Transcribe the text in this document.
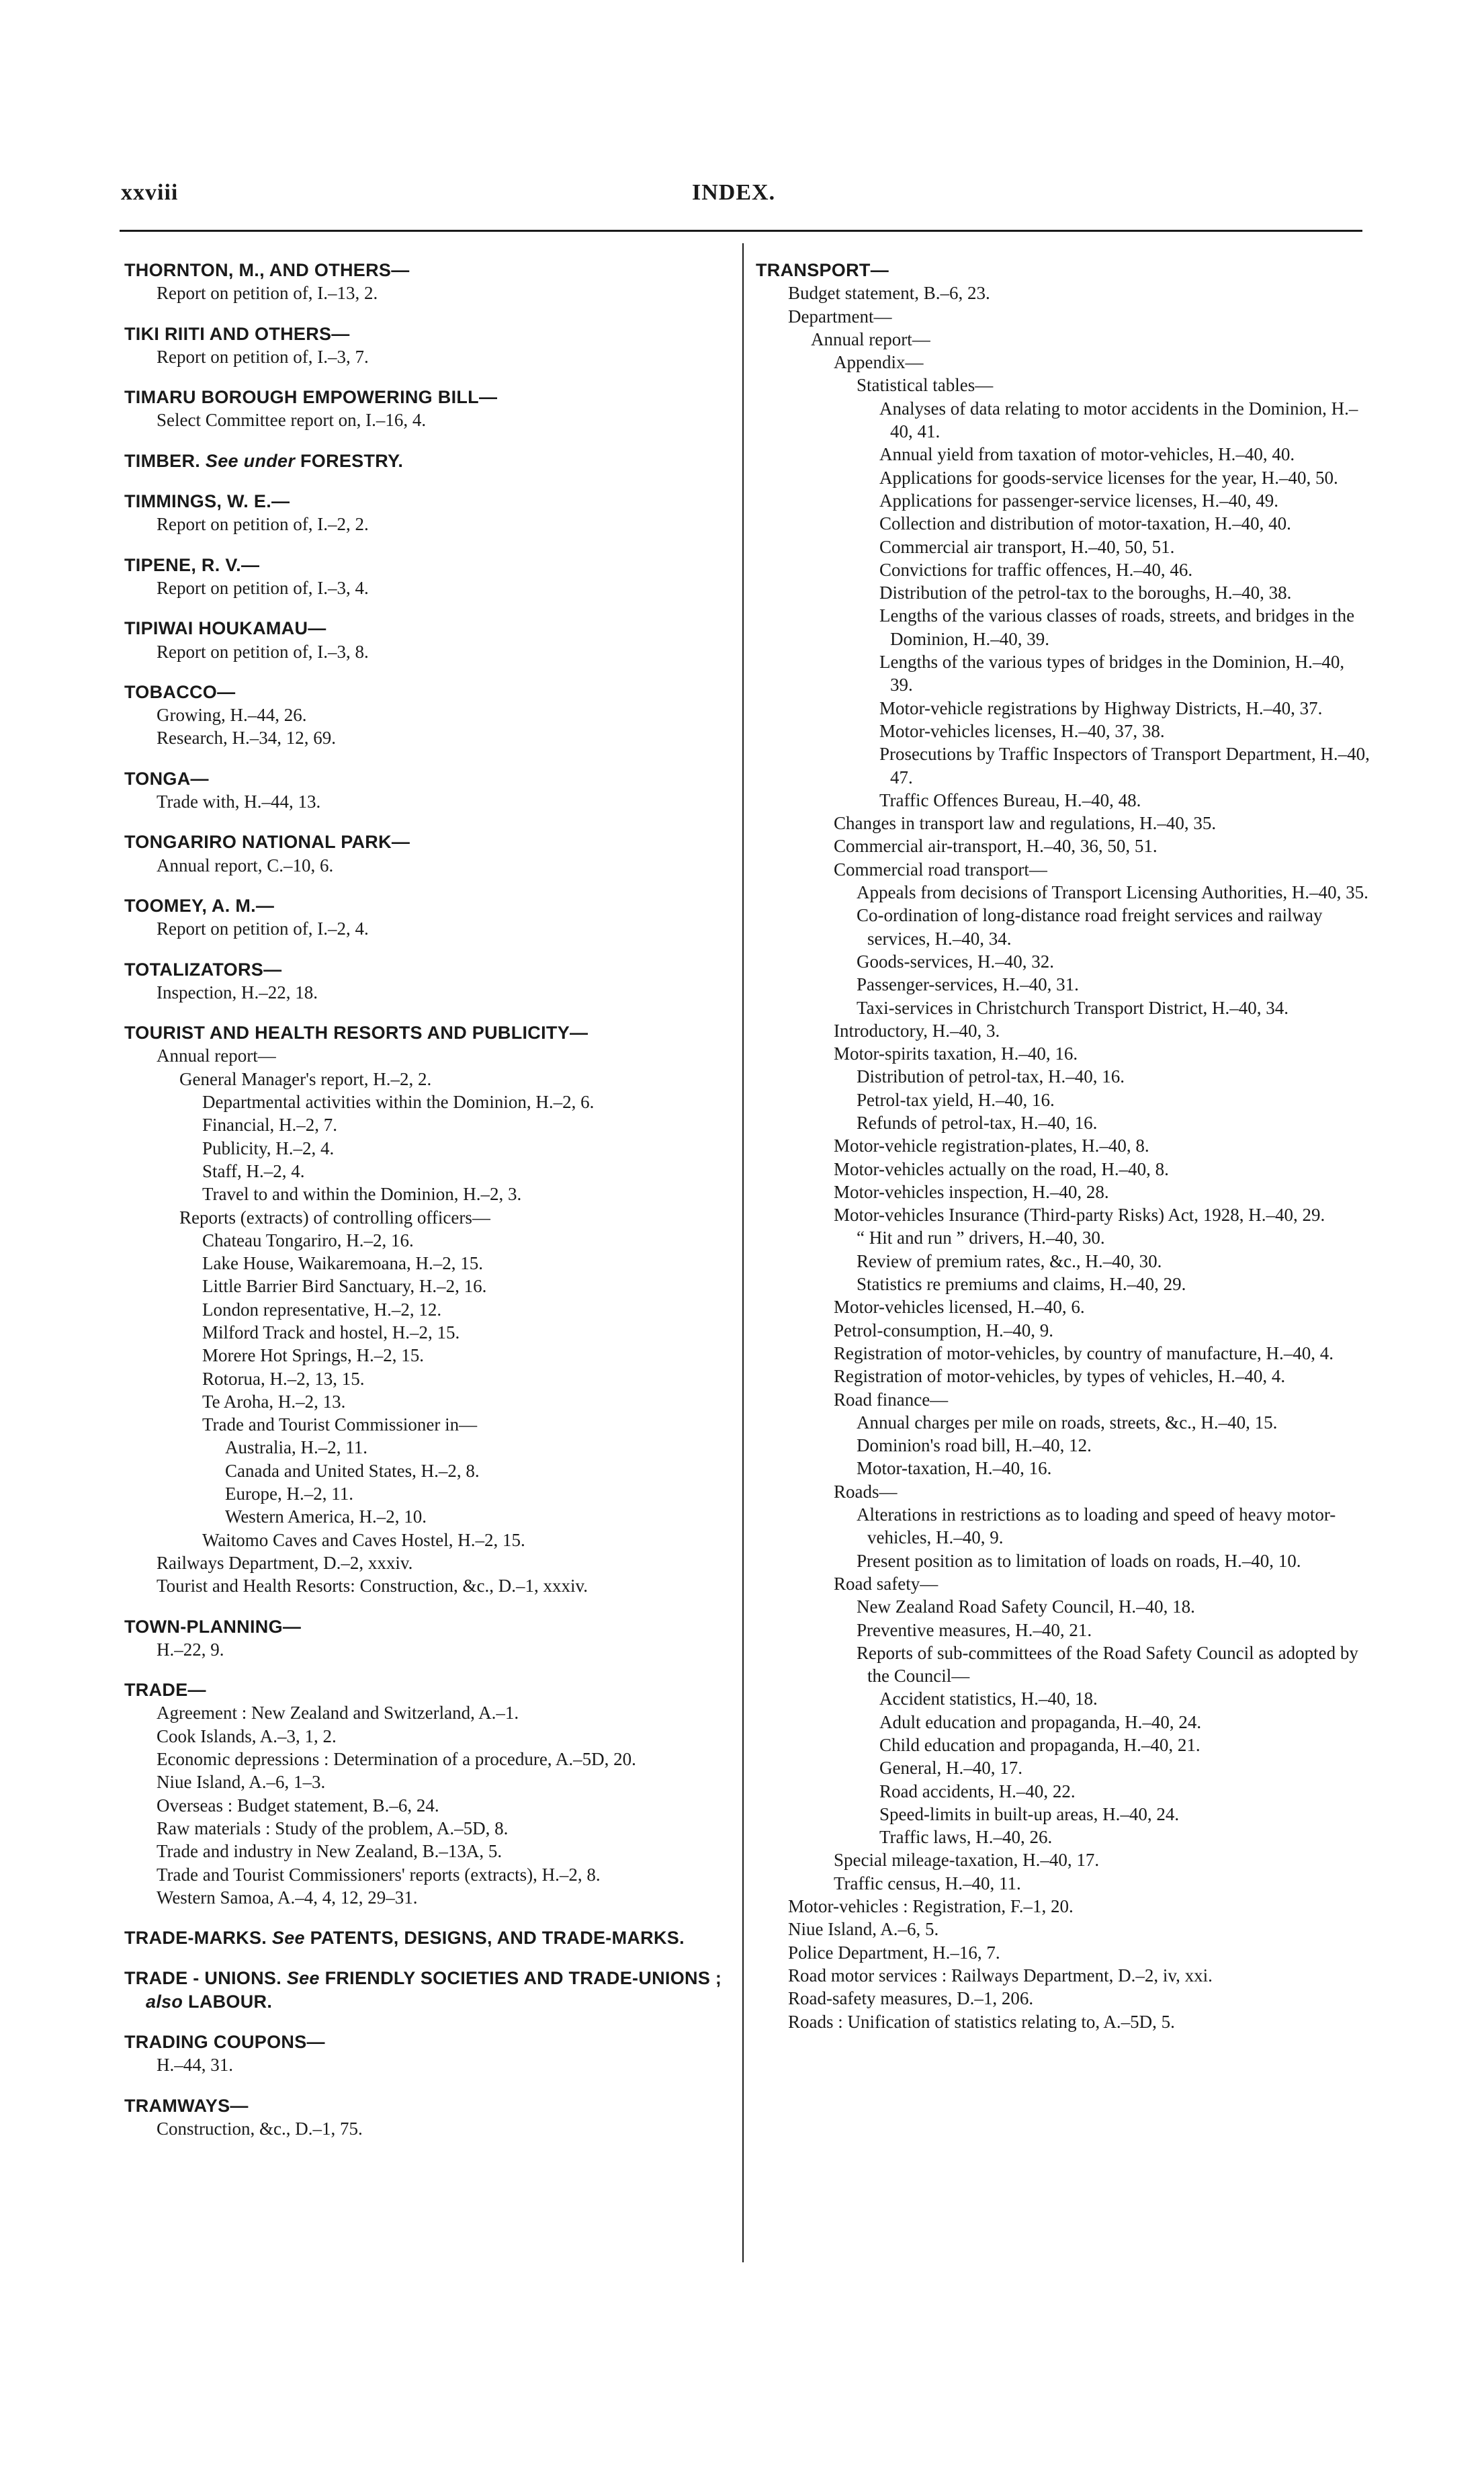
xxviii	INDEX.
THORNTON, M., AND OTHERS—
Report on petition of, I.–13, 2.
TIKI RIITI AND OTHERS—
Report on petition of, I.–3, 7.
TIMARU BOROUGH EMPOWERING BILL—
Select Committee report on, I.–16, 4.
TIMBER. See under FORESTRY.
TIMMINGS, W. E.—
Report on petition of, I.–2, 2.
TIPENE, R. V.—
Report on petition of, I.–3, 4.
TIPIWAI HOUKAMAU—
Report on petition of, I.–3, 8.
TOBACCO—
Growing, H.–44, 26.
Research, H.–34, 12, 69.
TONGA—
Trade with, H.–44, 13.
TONGARIRO NATIONAL PARK—
Annual report, C.–10, 6.
TOOMEY, A. M.—
Report on petition of, I.–2, 4.
TOTALIZATORS—
Inspection, H.–22, 18.
TOURIST AND HEALTH RESORTS AND PUBLICITY—
Annual report—
General Manager's report, H.–2, 2.
Departmental activities within the Dominion, H.–2, 6.
Financial, H.–2, 7.
Publicity, H.–2, 4.
Staff, H.–2, 4.
Travel to and within the Dominion, H.–2, 3.
Reports (extracts) of controlling officers—
Chateau Tongariro, H.–2, 16.
Lake House, Waikaremoana, H.–2, 15.
Little Barrier Bird Sanctuary, H.–2, 16.
London representative, H.–2, 12.
Milford Track and hostel, H.–2, 15.
Morere Hot Springs, H.–2, 15.
Rotorua, H.–2, 13, 15.
Te Aroha, H.–2, 13.
Trade and Tourist Commissioner in—
Australia, H.–2, 11.
Canada and United States, H.–2, 8.
Europe, H.–2, 11.
Western America, H.–2, 10.
Waitomo Caves and Caves Hostel, H.–2, 15.
Railways Department, D.–2, xxxiv.
Tourist and Health Resorts: Construction, &c., D.–1, xxxiv.
TOWN-PLANNING—
H.–22, 9.
TRADE—
Agreement : New Zealand and Switzerland, A.–1.
Cook Islands, A.–3, 1, 2.
Economic depressions : Determination of a procedure, A.–5D, 20.
Niue Island, A.–6, 1–3.
Overseas : Budget statement, B.–6, 24.
Raw materials : Study of the problem, A.–5D, 8.
Trade and industry in New Zealand, B.–13A, 5.
Trade and Tourist Commissioners' reports (extracts), H.–2, 8.
Western Samoa, A.–4, 4, 12, 29–31.
TRADE-MARKS. See PATENTS, DESIGNS, AND TRADE-MARKS.
TRADE - UNIONS. See FRIENDLY SOCIETIES AND TRADE-UNIONS ; also LABOUR.
TRADING COUPONS—
H.–44, 31.
TRAMWAYS—
Construction, &c., D.–1, 75.
TRANSPORT—
Budget statement, B.–6, 23.
Department—
Annual report—
Appendix—
Statistical tables—
Analyses of data relating to motor accidents in the Dominion, H.–40, 41.
Annual yield from taxation of motor-vehicles, H.–40, 40.
Applications for goods-service licenses for the year, H.–40, 50.
Applications for passenger-service licenses, H.–40, 49.
Collection and distribution of motor-taxation, H.–40, 40.
Commercial air transport, H.–40, 50, 51.
Convictions for traffic offences, H.–40, 46.
Distribution of the petrol-tax to the boroughs, H.–40, 38.
Lengths of the various classes of roads, streets, and bridges in the Dominion, H.–40, 39.
Lengths of the various types of bridges in the Dominion, H.–40, 39.
Motor-vehicle registrations by Highway Districts, H.–40, 37.
Motor-vehicles licenses, H.–40, 37, 38.
Prosecutions by Traffic Inspectors of Transport Department, H.–40, 47.
Traffic Offences Bureau, H.–40, 48.
Changes in transport law and regulations, H.–40, 35.
Commercial air-transport, H.–40, 36, 50, 51.
Commercial road transport—
Appeals from decisions of Transport Licensing Authorities, H.–40, 35.
Co-ordination of long-distance road freight services and railway services, H.–40, 34.
Goods-services, H.–40, 32.
Passenger-services, H.–40, 31.
Taxi-services in Christchurch Transport District, H.–40, 34.
Introductory, H.–40, 3.
Motor-spirits taxation, H.–40, 16.
Distribution of petrol-tax, H.–40, 16.
Petrol-tax yield, H.–40, 16.
Refunds of petrol-tax, H.–40, 16.
Motor-vehicle registration-plates, H.–40, 8.
Motor-vehicles actually on the road, H.–40, 8.
Motor-vehicles inspection, H.–40, 28.
Motor-vehicles Insurance (Third-party Risks) Act, 1928, H.–40, 29.
“ Hit and run ” drivers, H.–40, 30.
Review of premium rates, &c., H.–40, 30.
Statistics re premiums and claims, H.–40, 29.
Motor-vehicles licensed, H.–40, 6.
Petrol-consumption, H.–40, 9.
Registration of motor-vehicles, by country of manufacture, H.–40, 4.
Registration of motor-vehicles, by types of vehicles, H.–40, 4.
Road finance—
Annual charges per mile on roads, streets, &c., H.–40, 15.
Dominion's road bill, H.–40, 12.
Motor-taxation, H.–40, 16.
Roads—
Alterations in restrictions as to loading and speed of heavy motor-vehicles, H.–40, 9.
Present position as to limitation of loads on roads, H.–40, 10.
Road safety—
New Zealand Road Safety Council, H.–40, 18.
Preventive measures, H.–40, 21.
Reports of sub-committees of the Road Safety Council as adopted by the Council—
Accident statistics, H.–40, 18.
Adult education and propaganda, H.–40, 24.
Child education and propaganda, H.–40, 21.
General, H.–40, 17.
Road accidents, H.–40, 22.
Speed-limits in built-up areas, H.–40, 24.
Traffic laws, H.–40, 26.
Special mileage-taxation, H.–40, 17.
Traffic census, H.–40, 11.
Motor-vehicles : Registration, F.–1, 20.
Niue Island, A.–6, 5.
Police Department, H.–16, 7.
Road motor services : Railways Department, D.–2, iv, xxi.
Road-safety measures, D.–1, 206.
Roads : Unification of statistics relating to, A.–5D, 5.
